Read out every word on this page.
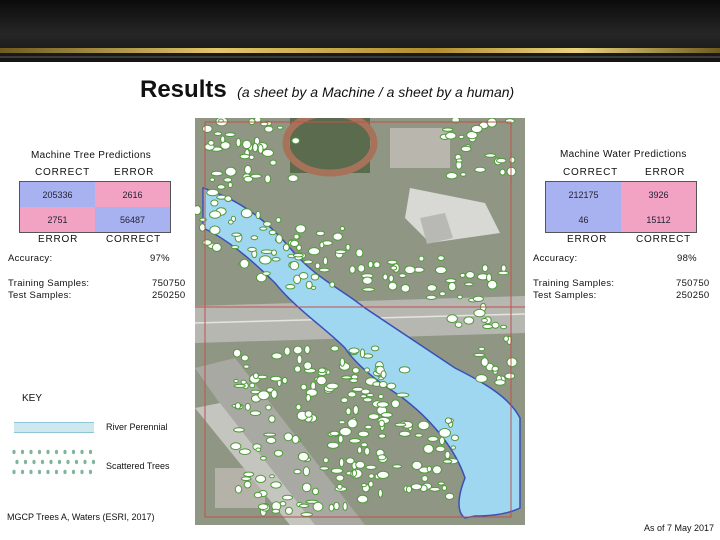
Results (a sheet by a Machine / a sheet by a human)
Machine Tree Predictions
CORRECT ERROR
205336	2616
2751	56487
ERROR	CORRECT
Accuracy:	97%
Training Samples:	750750
Test Samples:	250250
Machine Water Predictions
CORRECT	ERROR
212175	3926
46	15112
ERROR	CORRECT
Accuracy:	98%
Training Samples:	750750
Test Samples:	250250
KEY
River Perennial
Scattered Trees
MGCP Trees A, Waters (ESRI, 2017)
As of 7 May 2017
